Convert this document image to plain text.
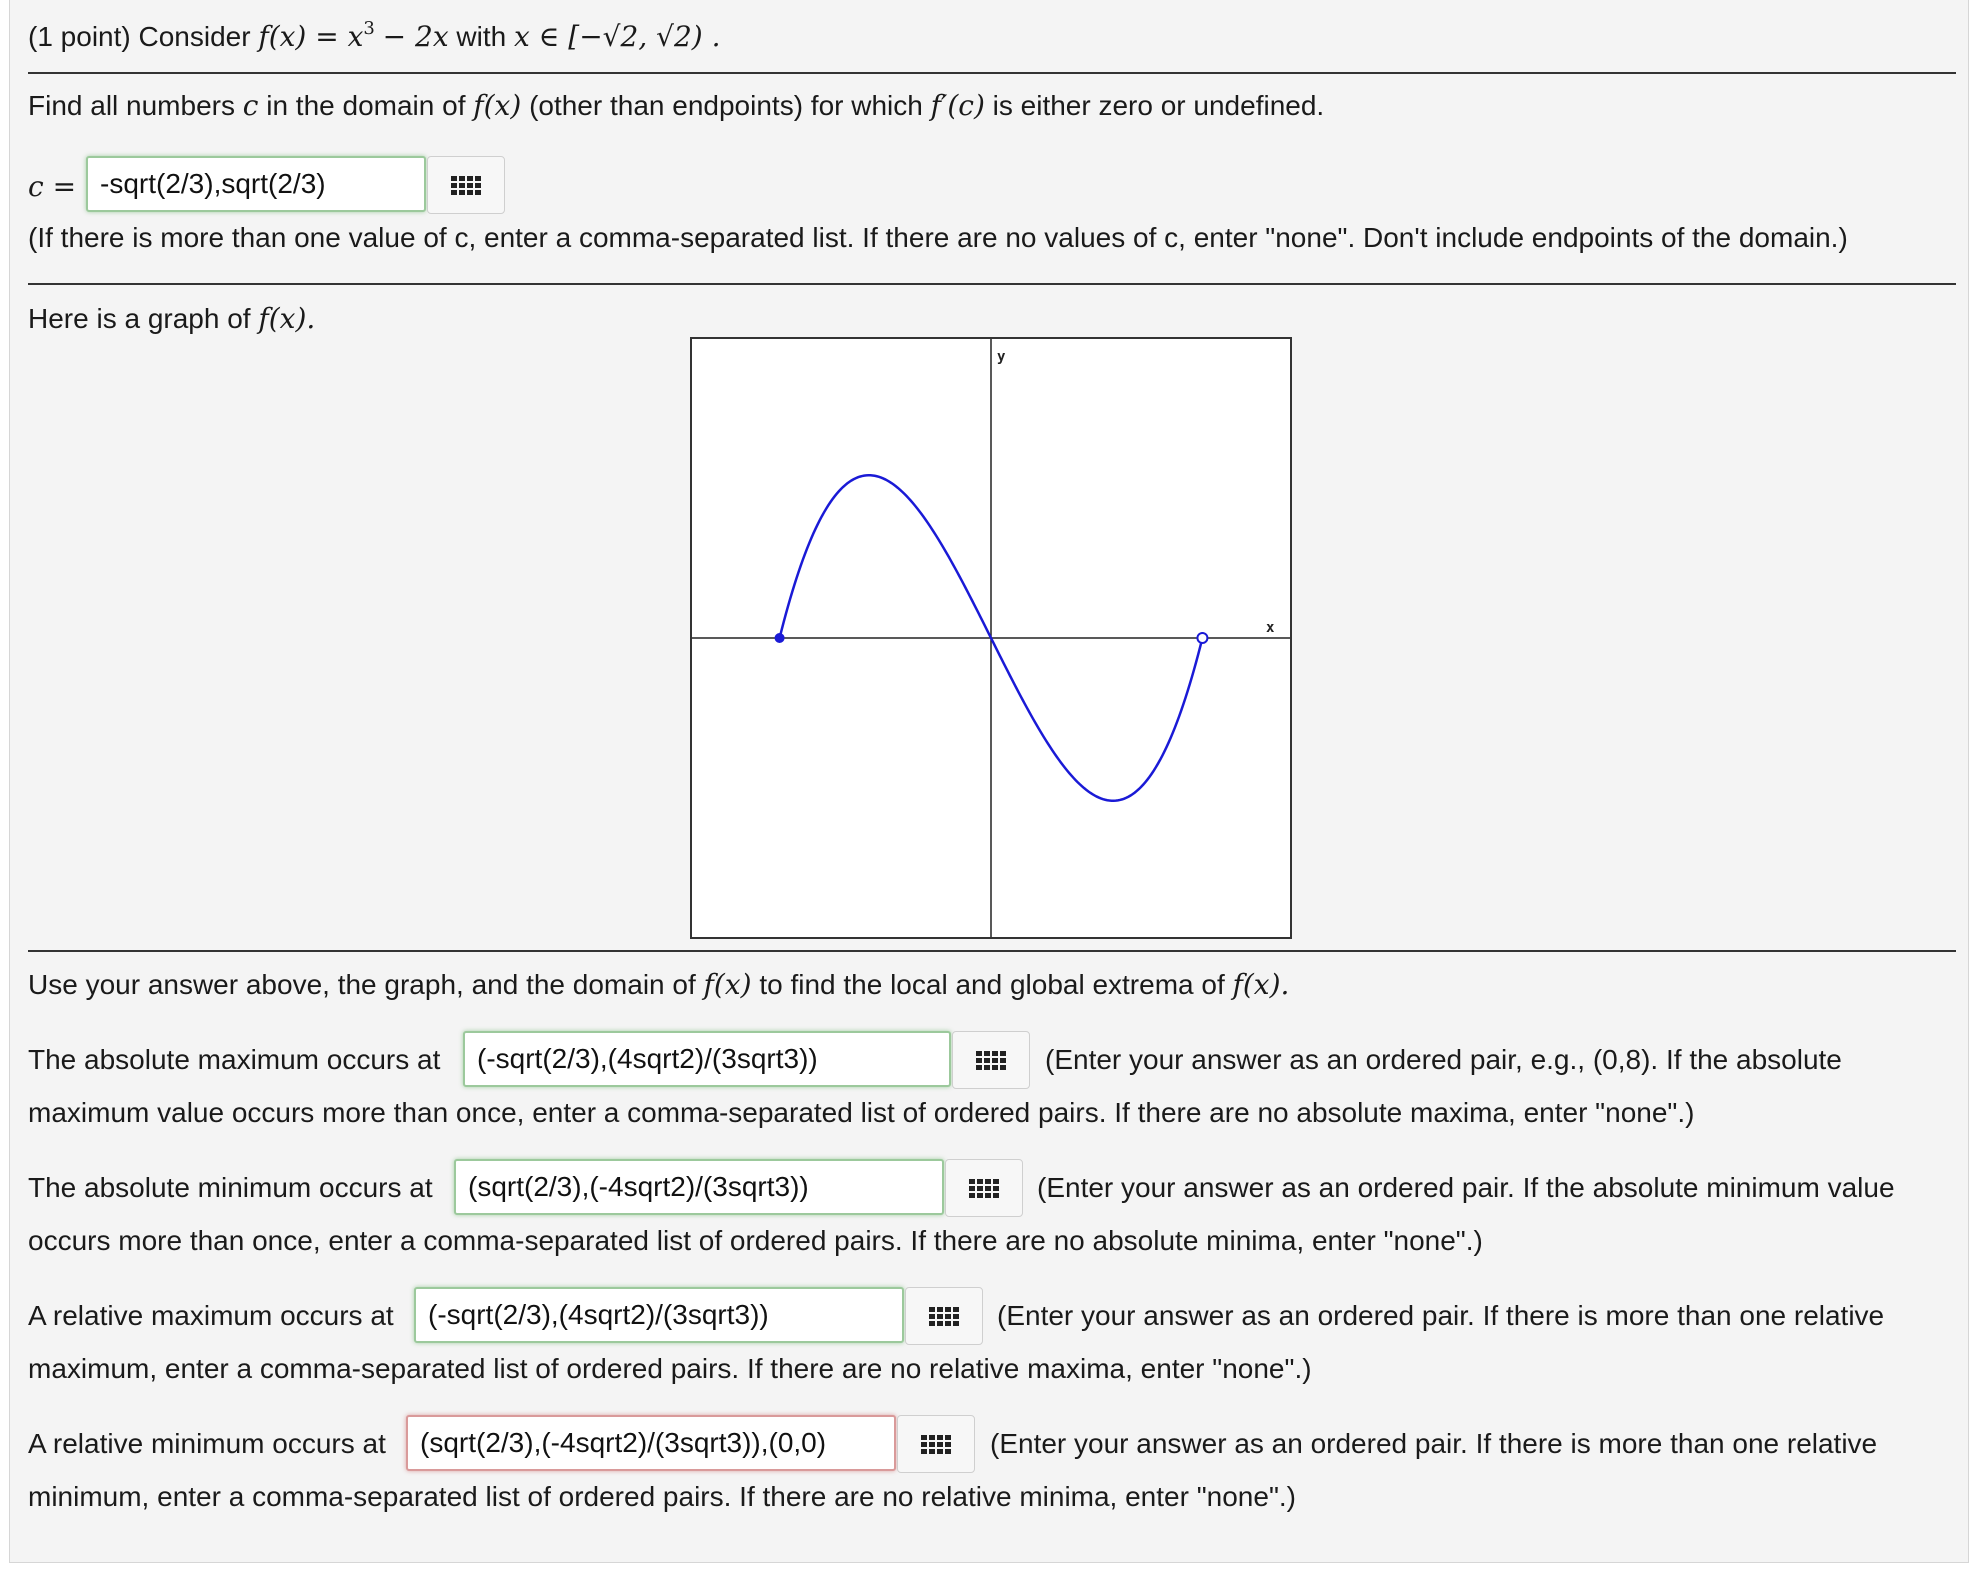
(1 point) Consider $f(x) = x^3 - 2x$ with x ∈ [−√2, √2) .
Find all numbers c in the domain of f(x) (other than endpoints) for which f′(c) is either zero or undefined.
c = -sqrt(2/3),sqrt(2/3)
(If there is more than one value of c, enter a comma-separated list. If there are no values of c, enter "none". Don't include endpoints of the domain.)
Here is a graph of f(x).
y
x
Use your answer above, the graph, and the domain of f(x) to find the local and global extrema of f(x).
The absolute maximum occurs at	(-sqrt(2/3),(4sqrt2)/(3sqrt3))	(Enter your answer as an ordered pair, e.g., (0,8). If the absolute
maximum value occurs more than once, enter a comma-separated list of ordered pairs. If there are no absolute maxima, enter "none".)
The absolute minimum occurs at	(sqrt(2/3),(-4sqrt2)/(3sqrt3))	(Enter your answer as an ordered pair. If the absolute minimum value
occurs more than once, enter a comma-separated list of ordered pairs. If there are no absolute minima, enter "none".)
A relative maximum occurs at	(-sqrt(2/3),(4sqrt2)/(3sqrt3))	(Enter your answer as an ordered pair. If there is more than one relative
maximum, enter a comma-separated list of ordered pairs. If there are no relative maxima, enter "none".)
A relative minimum occurs at	(sqrt(2/3),(-4sqrt2)/(3sqrt3)),(0,0)	(Enter your answer as an ordered pair. If there is more than one relative
minimum, enter a comma-separated list of ordered pairs. If there are no relative minima, enter "none".)
